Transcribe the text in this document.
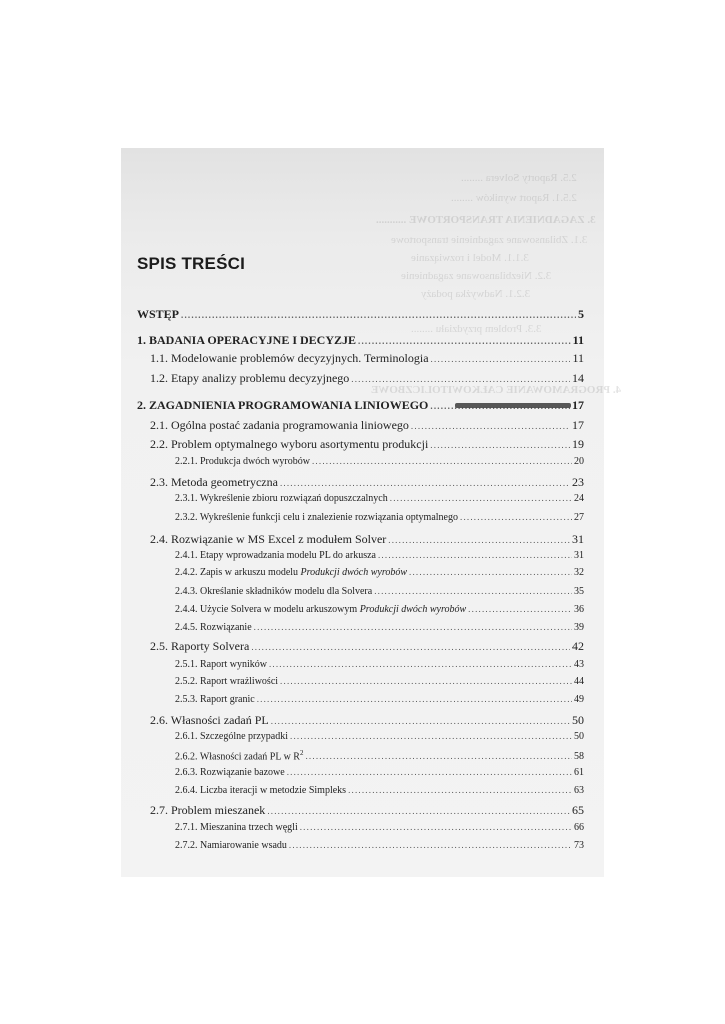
2.5. Raporty Solvera ........
2.5.1. Raport wyników ........
3. ZAGADNIENIA TRANSPORTOWE ...........
3.1. Zbilansowane zagadnienie transportowe
3.1.1. Model i rozwiązanie
3.2. Niezbilansowane zagadnienie
3.2.1. Nadwyżka podaży
3.3. Problem przydziału ........
4. PROGRAMOWANIE CAŁKOWITOLICZBOWE
SPIS TREŚCI
WSTĘP .....	5
1. BADANIA OPERACYJNE I DECYZJE .....	11
1.1. Modelowanie problemów decyzyjnych. Terminologia .....	11
1.2. Etapy analizy problemu decyzyjnego .....	14
2. ZAGADNIENIA PROGRAMOWANIA LINIOWEGO .....	17
2.1. Ogólna postać zadania programowania liniowego .....	17
2.2. Problem optymalnego wyboru asortymentu produkcji .....	19
2.2.1. Produkcja dwóch wyrobów .....	20
2.3. Metoda geometryczna .....	23
2.3.1. Wykreślenie zbioru rozwiązań dopuszczalnych .....	24
2.3.2. Wykreślenie funkcji celu i znalezienie rozwiązania optymalnego .....	27
2.4. Rozwiązanie w MS Excel z modułem Solver .....	31
2.4.1. Etapy wprowadzania modelu PL do arkusza .....	31
2.4.2. Zapis w arkuszu modelu Produkcji dwóch wyrobów .....	32
2.4.3. Określanie składników modelu dla Solvera .....	35
2.4.4. Użycie Solvera w modelu arkuszowym Produkcji dwóch wyrobów .....	36
2.4.5. Rozwiązanie .....	39
2.5. Raporty Solvera .....	42
2.5.1. Raport wyników .....	43
2.5.2. Raport wrażliwości .....	44
2.5.3. Raport granic .....	49
2.6. Własności zadań PL .....	50
2.6.1. Szczególne przypadki .....	50
2.6.2. Własności zadań PL w $R^2$ .....	58
2.6.3. Rozwiązanie bazowe .....	61
2.6.4. Liczba iteracji w metodzie Simpleks .....	63
2.7. Problem mieszanek .....	65
2.7.1. Mieszanina trzech węgli .....	66
2.7.2. Namiarowanie wsadu .....	73
